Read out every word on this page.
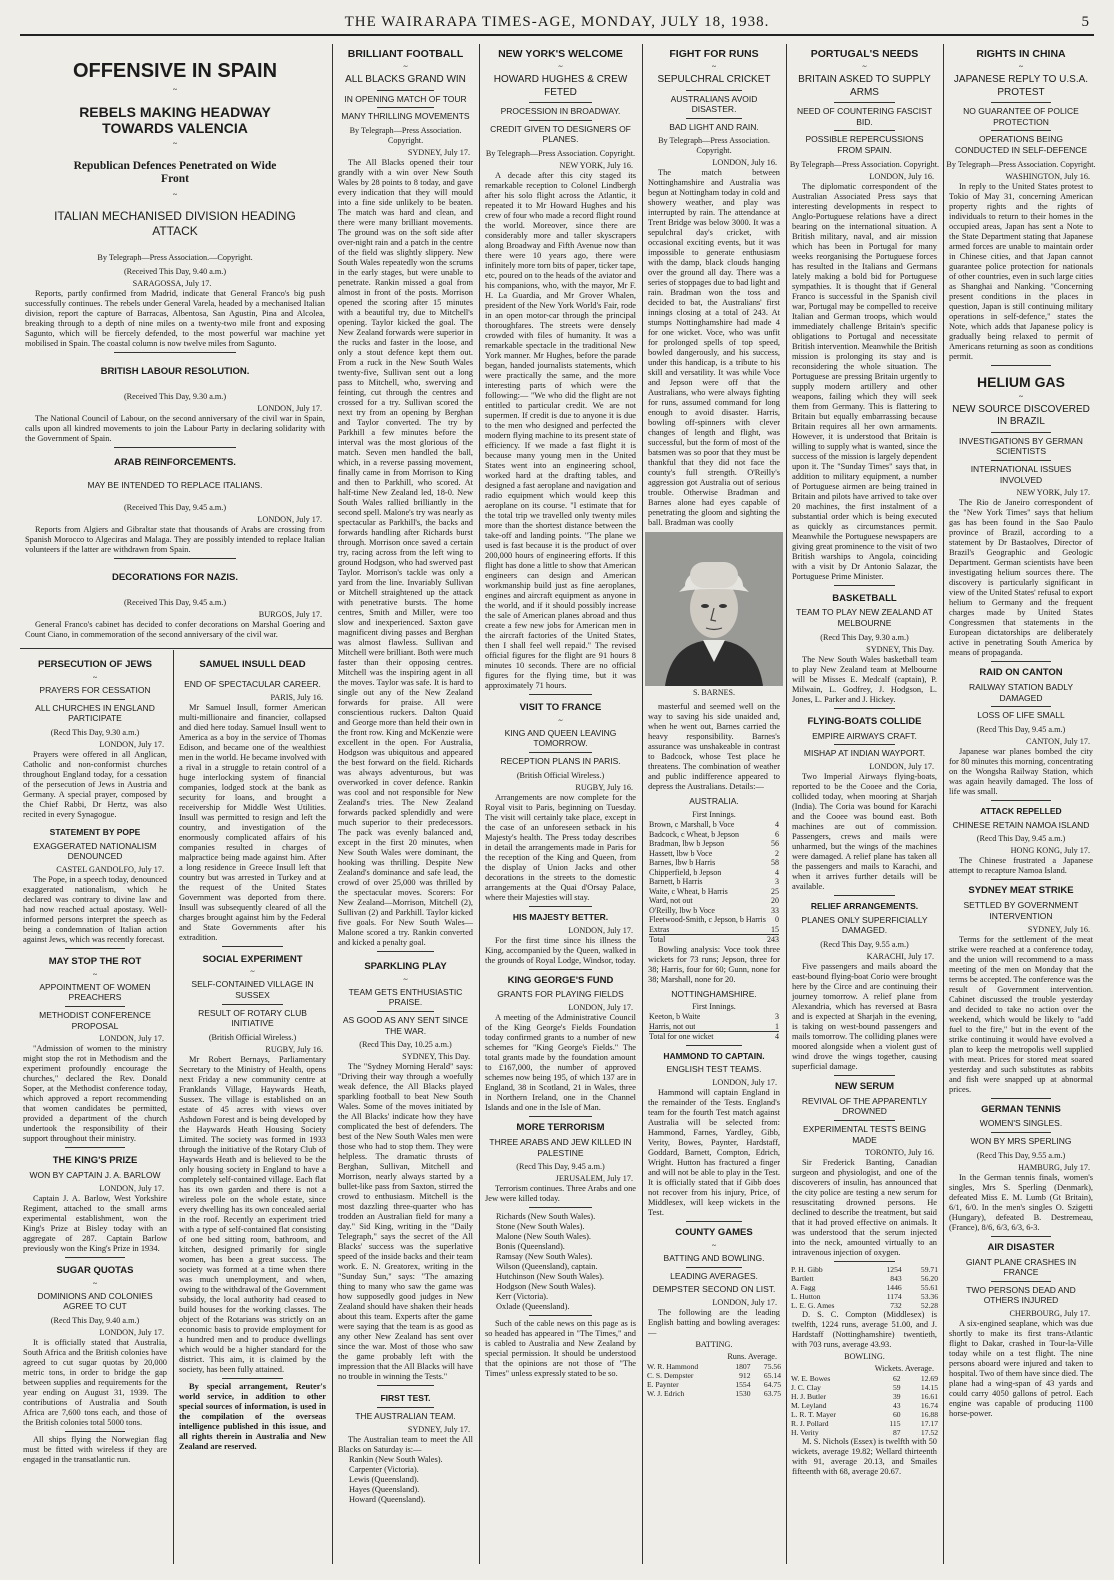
THE WAIRARAPA TIMES-AGE, MONDAY, JULY 18, 1938.	5
OFFENSIVE IN SPAIN
~
REBELS MAKING HEADWAY TOWARDS VALENCIA
~
Republican Defences Penetrated on Wide Front
~
ITALIAN MECHANISED DIVISION HEADING ATTACK
By Telegraph—Press Association.—Copyright.
(Received This Day, 9.40 a.m.)
SARAGOSSA, July 17.

Reports, partly confirmed from Madrid, indicate that General Franco's big push successfully continues. The rebels under General Varela, headed by a mechanised Italian division, report the capture of Barracas, Albentosa, San Agustin, Pina and Alcolea, breaking through to a depth of nine miles on a twenty-two mile front and exposing Sagunto, which will be fiercely defended, to the most powerful war machine yet mobilised in Spain. The coastal column is now twelve miles from Sagunto.

BRITISH LABOUR RESOLUTION.
(Received This Day, 9.30 a.m.)
LONDON, July 17.

The National Council of Labour, on the second anniversary of the civil war in Spain, calls upon all kindred movements to join the Labour Party in declaring solidarity with the Government of Spain.

ARAB REINFORCEMENTS.
MAY BE INTENDED TO REPLACE ITALIANS.
(Received This Day, 9.45 a.m.)
LONDON, July 17.

Reports from Algiers and Gibraltar state that thousands of Arabs are crossing from Spanish Morocco to Algeciras and Malaga. They are possibly intended to replace Italian volunteers if the latter are withdrawn from Spain.

DECORATIONS FOR NAZIS.
(Received This Day, 9.45 a.m.)
BURGOS, July 17.

General Franco's cabinet has decided to confer decorations on Marshal Goering and Count Ciano, in commemoration of the second anniversary of the civil war.

PERSECUTION OF JEWS
~
PRAYERS FOR CESSATION
ALL CHURCHES IN ENGLAND PARTICIPATE
(Recd This Day, 9.30 a.m.)
LONDON, July 17.

Prayers were offered in all Anglican, Catholic and non-conformist churches throughout England today, for a cessation of the persecution of Jews in Austria and Germany. A special prayer, composed by the Chief Rabbi, Dr Hertz, was also recited in every Synagogue.

STATEMENT BY POPE
EXAGGERATED NATIONALISM DENOUNCED
CASTEL GANDOLFO, July 17.

The Pope, in a speech today, denounced exaggerated nationalism, which he declared was contrary to divine law and had now reached actual apostasy. Well-informed persons interpret the speech as being a condemnation of Italian action against Jews, which was recently forecast.

MAY STOP THE ROT
~
APPOINTMENT OF WOMEN PREACHERS
METHODIST CONFERENCE PROPOSAL
LONDON, July 17.

"Admission of women to the ministry might stop the rot in Methodism and the experiment profoundly encourage the churches," declared the Rev. Donald Soper, at the Methodist conference today, which approved a report recommending that women candidates be permitted, provided a department of the church undertook the responsibility of their support throughout their ministry.

THE KING'S PRIZE
WON BY CAPTAIN J. A. BARLOW
LONDON, July 17.

Captain J. A. Barlow, West Yorkshire Regiment, attached to the small arms experimental establishment, won the King's Prize at Bisley today with an aggregate of 287. Captain Barlow previously won the King's Prize in 1934.

SUGAR QUOTAS
~
DOMINIONS AND COLONIES AGREE TO CUT
(Recd This Day, 9.40 a.m.)
LONDON, July 17.

It is officially stated that Australia, South Africa and the British colonies have agreed to cut sugar quotas by 20,000 metric tons, in order to bridge the gap between supplies and requirements for the year ending on August 31, 1939. The contributions of Australia and South Africa are 7,600 tons each, and those of the British colonies total 5000 tons.

All ships flying the Norwegian flag must be fitted with wireless if they are engaged in the transatlantic run.

SAMUEL INSULL DEAD
END OF SPECTACULAR CAREER.
PARIS, July 16.

Mr Samuel Insull, former American multi-millionaire and financier, collapsed and died here today. Samuel Insull went to America as a boy in the service of Thomas Edison, and became one of the wealthiest men in the world. He became involved with a rival in a struggle to retain control of a huge interlocking system of financial companies, lodged stock at the bank as security for loans, and brought a receivership for Middle West Utilities. Insull was permitted to resign and left the country, and investigation of the enormously complicated affairs of his companies resulted in charges of malpractice being made against him. After a long residence in Greece Insull left that country but was arrested in Turkey and at the request of the United States Government was deported from there. Insull was subsequently cleared of all the charges brought against him by the Federal and State Governments after his extradition.

SOCIAL EXPERIMENT
~
SELF-CONTAINED VILLAGE IN SUSSEX
RESULT OF ROTARY CLUB INITIATIVE
(British Official Wireless.)
RUGBY, July 16.

Mr Robert Bernays, Parliamentary Secretary to the Ministry of Health, opens next Friday a new community centre at Franklands Village, Haywards Heath, Sussex. The village is established on an estate of 45 acres with views over Ashdown Forest and is being developed by the Haywards Heath Housing Society Limited. The society was formed in 1933 through the initiative of the Rotary Club of Haywards Heath and is believed to be the only housing society in England to have a completely self-contained village. Each flat has its own garden and there is not a wireless pole on the whole estate, since every dwelling has its own concealed aerial in the roof. Recently an experiment tried with a type of self-contained flat consisting of one bed sitting room, bathroom, and kitchen, designed primarily for single women, has been a great success. The society was formed at a time when there was much unemployment, and when, owing to the withdrawal of the Government subsidy, the local authority had ceased to build houses for the working classes. The object of the Rotarians was strictly on an economic basis to provide employment for a hundred men and to produce dwellings which would be a higher standard for the district. This aim, it is claimed by the society, has been fully attained.

By special arrangement, Reuter's world service, in addition to other special sources of information, is used in the compilation of the overseas intelligence published in this issue, and all rights therein in Australia and New Zealand are reserved.

BRILLIANT FOOTBALL
~
ALL BLACKS GRAND WIN
IN OPENING MATCH OF TOUR
MANY THRILLING MOVEMENTS
By Telegraph—Press Association. Copyright.
SYDNEY, July 17.

The All Blacks opened their tour grandly with a win over New South Wales by 28 points to 8 today, and gave every indication that they will mould into a fine side unlikely to be beaten. The match was hard and clean, and there were many brilliant movements. The ground was on the soft side after over-night rain and a patch in the centre of the field was slightly slippery. New South Wales repeatedly won the scrums in the early stages, but were unable to penetrate. Rankin missed a goal from almost in front of the posts. Morrison opened the scoring after 15 minutes with a beautiful try, due to Mitchell's opening. Taylor kicked the goal. The New Zealand forwards were superior in the rucks and faster in the loose, and only a stout defence kept them out. From a ruck in the New South Wales twenty-five, Sullivan sent out a long pass to Mitchell, who, swerving and feinting, cut through the centres and crossed for a try. Sullivan scored the next try from an opening by Berghan and Taylor converted. The try by Parkhill a few minutes before the interval was the most glorious of the match. Seven men handled the ball, which, in a reverse passing movement, finally came in from Morrison to King and then to Parkhill, who scored. At half-time New Zealand led, 18-0. New South Wales rallied brilliantly in the second spell. Malone's try was nearly as spectacular as Parkhill's, the backs and forwards handling after Richards burst through. Morrison once saved a certain try, racing across from the left wing to ground Hodgson, who had swerved past Taylor. Morrison's tackle was only a yard from the line. Invariably Sullivan or Mitchell straightened up the attack with penetrative bursts. The home centres, Smith and Miller, were too slow and inexperienced. Saxton gave magnificent diving passes and Berghan was almost flawless. Sullivan and Mitchell were brilliant. Both were much faster than their opposing centres. Mitchell was the inspiring agent in all the moves. Taylor was safe. It is hard to single out any of the New Zealand forwards for praise. All were conscientious ruckers. Dalton Quaid and George more than held their own in the front row. King and McKenzie were excellent in the open. For Australia, Hodgson was ubiquitous and appeared the best forward on the field. Richards was always adventurous, but was overworked in cover defence. Rankin was cool and not responsible for New Zealand's tries. The New Zealand forwards packed splendidly and were much superior to their predecessors. The pack was evenly balanced and, except in the first 20 minutes, when New South Wales were dominant, the hooking was thrilling. Despite New Zealand's dominance and safe lead, the crowd of over 25,000 was thrilled by the spectacular moves. Scorers: For New Zealand—Morrison, Mitchell (2), Sullivan (2) and Parkhill. Taylor kicked five goals. For New South Wales—Malone scored a try. Rankin converted and kicked a penalty goal.

SPARKLING PLAY
~
TEAM GETS ENTHUSIASTIC PRAISE.
AS GOOD AS ANY SENT SINCE THE WAR.
(Recd This Day, 10.25 a.m.)
SYDNEY, This Day.

The "Sydney Morning Herald" says: "Driving their way through a woefully weak defence, the All Blacks played sparkling football to beat New South Wales. Some of the moves initiated by the All Blacks' indicate how they have complicated the best of defenders. The best of the New South Wales men were those who had to stop them. They were helpless. The dramatic thrusts of Berghan, Sullivan, Mitchell and Morrison, nearly always started by a bullet-like pass from Saxton, stirred the crowd to enthusiasm. Mitchell is the most dazzling three-quarter who has trodden an Australian field for many a day." Sid King, writing in the "Daily Telegraph," says the secret of the All Blacks' success was the superlative speed of the inside backs and their team work. E. N. Greatorex, writing in the "Sunday Sun," says: "The amazing thing to many who saw the game was how supposedly good judges in New Zealand should have shaken their heads about this team. Experts after the game were saying that the team is as good as any other New Zealand has sent over since the war. Most of those who saw the game probably left with the impression that the All Blacks will have no trouble in winning the Tests."

FIRST TEST.
THE AUSTRALIAN TEAM.
SYDNEY, July 17.

The Australian team to meet the All Blacks on Saturday is:—

Rankin (New South Wales).
Carpenter (Victoria).
Lewis (Queensland).
Hayes (Queensland).
Howard (Queensland).
NEW YORK'S WELCOME
~
HOWARD HUGHES & CREW FETED
PROCESSION IN BROADWAY.
CREDIT GIVEN TO DESIGNERS OF PLANES.
By Telegraph—Press Association. Copyright.
NEW YORK, July 16.

A decade after this city staged its remarkable reception to Colonel Lindbergh after his solo flight across the Atlantic, it repeated it to Mr Howard Hughes and his crew of four who made a record flight round the world. Moreover, since there are considerably more and taller skyscrapers along Broadway and Fifth Avenue now than there were 10 years ago, there were infinitely more torn bits of paper, ticker tape, etc, poured on to the heads of the aviator and his companions, who, with the mayor, Mr F. H. La Guardia, and Mr Grover Whalen, president of the New York World's Fair, rode in an open motor-car through the principal thoroughfares. The streets were densely crowded with files of humanity. It was a remarkable spectacle in the traditional New York manner. Mr Hughes, before the parade began, handed journalists statements, which were practically the same, and the more interesting parts of which were the following:— "We who did the flight are not entitled to particular credit. We are not supermen. If credit is due to anyone it is due to the men who designed and perfected the modern flying machine to its present state of efficiency. If we made a fast flight it is because many young men in the United States went into an engineering school, worked hard at the drafting tables, and designed a fast aeroplane and navigation and radio equipment which would keep this aeroplane on its course. "I estimate that for the total trip we travelled only twenty miles more than the shortest distance between the take-off and landing points. "The plane we used is fast because it is the product of over 200,000 hours of engineering efforts. If this flight has done a little to show that American engineers can design and American workmanship build just as fine aeroplanes, engines and aircraft equipment as anyone in the world, and if it should possibly increase the sale of American planes abroad and thus create a few new jobs for American men in the aircraft factories of the United States, then I shall feel well repaid." The revised official figures for the flight are 91 hours 8 minutes 10 seconds. There are no official figures for the flying time, but it was approximately 71 hours.

VISIT TO FRANCE
~
KING AND QUEEN LEAVING TOMORROW.
RECEPTION PLANS IN PARIS.
(British Official Wireless.)
RUGBY, July 16.

Arrangements are now complete for the Royal visit to Paris, beginning on Tuesday. The visit will certainly take place, except in the case of an unforeseen setback in his Majesty's health. The Press today describes in detail the arrangements made in Paris for the reception of the King and Queen, from the display of Union Jacks and other decorations in the streets to the domestic arrangements at the Quai d'Orsay Palace, where their Majesties will stay.

HIS MAJESTY BETTER.
LONDON, July 17.

For the first time since his illness the King, accompanied by the Queen, walked in the grounds of Royal Lodge, Windsor, today.

KING GEORGE'S FUND
GRANTS FOR PLAYING FIELDS
LONDON, July 17.

A meeting of the Administrative Council of the King George's Fields Foundation today confirmed grants to a number of new schemes for "King George's Fields." The total grants made by the foundation amount to £167,000, the number of approved schemes now being 195, of which 137 are in England, 38 in Scotland, 21 in Wales, three in Northern Ireland, one in the Channel Islands and one in the Isle of Man.

MORE TERRORISM
THREE ARABS AND JEW KILLED IN PALESTINE
(Recd This Day, 9.45 a.m.)
JERUSALEM, July 17.

Terrorism continues. Three Arabs and one Jew were killed today.

Richards (New South Wales).
Stone (New South Wales).
Malone (New South Wales).
Bonis (Queensland).
Ramsay (New South Wales).
Wilson (Queensland), captain.
Hutchinson (New South Wales).
Hodgson (New South Wales).
Kerr (Victoria).
Oxlade (Queensland).

Such of the cable news on this page as is so headed has appeared in "The Times," and is cabled to Australia and New Zealand by special permission. It should be understood that the opinions are not those of "The Times" unless expressly stated to be so.

FIGHT FOR RUNS
~
SEPULCHRAL CRICKET
AUSTRALIANS AVOID DISASTER.
BAD LIGHT AND RAIN.
By Telegraph—Press Association. Copyright.
LONDON, July 16.

The match between Nottinghamshire and Australia was begun at Nottingham today in cold and showery weather, and play was interrupted by rain. The attendance at Trent Bridge was below 3000. It was a sepulchral day's cricket, with occasional exciting events, but it was impossible to generate enthusiasm with the damp, black clouds hanging over the ground all day. There was a series of stoppages due to bad light and rain. Bradman won the toss and decided to bat, the Australians' first innings closing at a total of 243. At stumps Nottinghamshire had made 4 for one wicket. Voce, who was unfit for prolonged spells of top speed, bowled dangerously, and his success, under this handicap, is a tribute to his skill and versatility. It was while Voce and Jepson were off that the Australians, who were always fighting for runs, assumed command for long enough to avoid disaster. Harris, bowling off-spinners with clever changes of length and flight, was successful, but the form of most of the batsmen was so poor that they must be thankful that they did not face the county's full strength. O'Reilly's aggression got Australia out of serious trouble. Otherwise Bradman and Barnes alone had eyes capable of penetrating the gloom and sighting the ball. Bradman was coolly

S. BARNES.

masterful and seemed well on the way to saving his side unaided and, when he went out, Barnes carried the heavy responsibility. Barnes's assurance was unshakeable in contrast to Badcock, whose Test place he threatens. The combination of weather and public indifference appeared to depress the Australians. Details:—

AUSTRALIA.
First Innings.
Brown, c Marshall, b Voce	4
Badcock, c Wheat, b Jepson	6
Bradman, lbw b Jepson	56
Hassett, lbw b Voce	2
Barnes, lbw b Harris	58
Chipperfield, b Jepson	4
Barnett, b Harris	3
Waite, c Wheat, b Harris	25
Ward, not out	20
O'Reilly, lbw b Voce	33
Fleetwood-Smith, c Jepson, b Harris 0
Extras	15
Total	243

Bowling analysis: Voce took three wickets for 73 runs; Jepson, three for 38; Harris, four for 60; Gunn, none for 38; Marshall, none for 20.

NOTTINGHAMSHIRE.
First Innings.
Keeton, b Waite	3
Harris, not out	1
Total for one wicket	4
HAMMOND TO CAPTAIN.
ENGLISH TEST TEAMS.
LONDON, July 17.

Hammond will captain England in the remainder of the Tests. England's team for the fourth Test match against Australia will be selected from: Hammond, Farnes, Yardley, Gibb, Verity, Bowes, Paynter, Hardstaff, Goddard, Barnett, Compton, Edrich, Wright. Hutton has fractured a finger and will not be able to play in the Test. It is officially stated that if Gibb does not recover from his injury, Price, of Middlesex, will keep wickets in the Test.

COUNTY GAMES
~
BATTING AND BOWLING.
LEADING AVERAGES.
DEMPSTER SECOND ON LIST.
LONDON, July 17.

The following are the leading English batting and bowling averages:—

BATTING.
Runs. Average.
W. R. Hammond	1807	75.56
C. S. Dempster	912	65.14
E. Paynter	1554	64.75
W. J. Edrich	1530	63.75
PORTUGAL'S NEEDS
~
BRITAIN ASKED TO SUPPLY ARMS
NEED OF COUNTERING FASCIST BID.
POSSIBLE REPERCUSSIONS FROM SPAIN.
By Telegraph—Press Association. Copyright.
LONDON, July 16.

The diplomatic correspondent of the Australian Associated Press says that interesting developments in respect to Anglo-Portuguese relations have a direct bearing on the international situation. A British military, naval, and air mission which has been in Portugal for many weeks reorganising the Portuguese forces has resulted in the Italians and Germans lately making a bold bid for Portuguese sympathies. It is thought that if General Franco is successful in the Spanish civil war, Portugal may be compelled to receive Italian and German troops, which would immediately challenge Britain's specific obligations to Portugal and necessitate British intervention. Meanwhile the British mission is prolonging its stay and is reconsidering the whole situation. The Portuguese are pressing Britain urgently to supply modern artillery and other weapons, failing which they will seek them from Germany. This is flattering to Britain but equally embarrassing because Britain requires all her own armaments. However, it is understood that Britain is willing to supply what is wanted, since the success of the mission is largely dependent upon it. The "Sunday Times" says that, in addition to military equipment, a number of Portuguese airmen are being trained in Britain and pilots have arrived to take over 20 machines, the first instalment of a substantial order which is being executed as quickly as circumstances permit. Meanwhile the Portuguese newspapers are giving great prominence to the visit of two British warships to Angola, coinciding with a visit by Dr Antonio Salazar, the Portuguese Prime Minister.

BASKETBALL
TEAM TO PLAY NEW ZEALAND AT MELBOURNE
(Recd This Day, 9.30 a.m.)
SYDNEY, This Day.

The New South Wales basketball team to play New Zealand team at Melbourne will be Misses E. Medcalf (captain), P. Milwain, L. Godfrey, J. Hodgson, L. Jones, L. Parker and J. Hickey.

FLYING-BOATS COLLIDE
EMPIRE AIRWAYS CRAFT.
MISHAP AT INDIAN WAYPORT.
LONDON, July 17.

Two Imperial Airways flying-boats, reported to be the Cooee and the Coria, collided today, when mooring at Sharjah (India). The Coria was bound for Karachi and the Cooee was bound east. Both machines are out of commission. Passengers, crews and mails were unharmed, but the wings of the machines were damaged. A relief plane has taken all the passengers and mails to Karachi, and when it arrives further details will be available.

RELIEF ARRANGEMENTS.
PLANES ONLY SUPERFICIALLY DAMAGED.
(Recd This Day, 9.55 a.m.)
KARACHI, July 17.

Five passengers and mails aboard the east-bound flying-boat Corio were brought here by the Circe and are continuing their journey tomorrow. A relief plane from Alexandria, which has reversed at Basra and is expected at Sharjah in the evening, is taking on west-bound passengers and mails tomorrow. The colliding planes were moored alongside when a violent gust of wind drove the wings together, causing superficial damage.

NEW SERUM
REVIVAL OF THE APPARENTLY DROWNED
EXPERIMENTAL TESTS BEING MADE
TORONTO, July 16.

Sir Frederick Banting, Canadian surgeon and physiologist, and one of the discoverers of insulin, has announced that the city police are testing a new serum for resuscitating drowned persons. He declined to describe the treatment, but said that it had proved effective on animals. It was understood that the serum injected into the neck, amounted virtually to an intravenous injection of oxygen.

P. H. Gibb	1254	59.71
Bartlett	843	56.20
A. Fagg	1446	55.61
L. Hutton	1174	53.36
L. E. G. Ames	732	52.28

D. S. C. Compton (Middlesex) is twelfth, 1224 runs, average 51.00, and J. Hardstaff (Nottinghamshire) twentieth, with 703 runs, average 43.93.

BOWLING.
Wickets. Average.
W. E. Bowes	62	12.69
J. C. Clay	59	14.15
H. J. Butler	39	16.61
M. Leyland	43	16.74
L. R. T. Mayer	60	16.88
R. J. Pollard	115	17.17
H. Verity	87	17.52

M. S. Nichols (Essex) is twelfth with 50 wickets, average 19.82; Wellard thirteenth with 91, average 20.13, and Smailes fifteenth with 68, average 20.67.

RIGHTS IN CHINA
~
JAPANESE REPLY TO U.S.A. PROTEST
NO GUARANTEE OF POLICE PROTECTION
OPERATIONS BEING CONDUCTED IN SELF-DEFENCE
By Telegraph—Press Association. Copyright.
WASHINGTON, July 16.

In reply to the United States protest to Tokio of May 31, concerning American property rights and the rights of individuals to return to their homes in the occupied areas, Japan has sent a Note to the State Department stating that Japanese armed forces are unable to maintain order in Chinese cities, and that Japan cannot guarantee police protection for nationals of other countries, even in such large cities as Shanghai and Nanking. "Concerning present conditions in the places in question, Japan is still continuing military operations in self-defence," states the Note, which adds that Japanese policy is gradually being relaxed to permit of Americans returning as soon as conditions permit.

HELIUM GAS
~
NEW SOURCE DISCOVERED IN BRAZIL
INVESTIGATIONS BY GERMAN SCIENTISTS
INTERNATIONAL ISSUES INVOLVED
NEW YORK, July 17.

The Rio de Janeiro correspondent of the "New York Times" says that helium gas has been found in the Sao Paulo province of Brazil, according to a statement by Dr Bastaolves, Director of Brazil's Geographic and Geologic Department. German scientists have been investigating helium sources there. The discovery is particularly significant in view of the United States' refusal to export helium to Germany and the frequent charges made by United States Congressmen that statements in the European dictatorships are deliberately active in penetrating South America by means of propaganda.

RAID ON CANTON
RAILWAY STATION BADLY DAMAGED
LOSS OF LIFE SMALL
(Recd This Day, 9.45 a.m.)
CANTON, July 17.

Japanese war planes bombed the city for 80 minutes this morning, concentrating on the Wongsha Railway Station, which was again heavily damaged. The loss of life was small.

ATTACK REPELLED
CHINESE RETAIN NAMOA ISLAND
(Recd This Day, 9.45 a.m.)
HONG KONG, July 17.

The Chinese frustrated a Japanese attempt to recapture Namoa Island.

SYDNEY MEAT STRIKE
SETTLED BY GOVERNMENT INTERVENTION
SYDNEY, July 16.

Terms for the settlement of the meat strike were reached at a conference today, and the union will recommend to a mass meeting of the men on Monday that the terms be accepted. The conference was the result of Government intervention. Cabinet discussed the trouble yesterday and decided to take no action over the weekend, which would be likely to "add fuel to the fire," but in the event of the strike continuing it would have evolved a plan to keep the metropolis well supplied with meat. Prices for stored meat soared yesterday and such substitutes as rabbits and fish were snapped up at abnormal prices.

GERMAN TENNIS
WOMEN'S SINGLES.
WON BY MRS SPERLING
(Recd This Day, 9.55 a.m.)
HAMBURG, July 17.

In the German tennis finals, women's singles, Mrs S. Sperling (Denmark), defeated Miss E. M. Lumb (Gt Britain), 6/1, 6/0. In the men's singles O. Szigetti (Hungary), defeated B. Destremeau, (France), 8/6, 6/3, 6/3, 6-3.

AIR DISASTER
GIANT PLANE CRASHES IN FRANCE
TWO PERSONS DEAD AND OTHERS INJURED
CHERBOURG, July 17.

A six-engined seaplane, which was due shortly to make its first trans-Atlantic flight to Dakar, crashed in Tour-la-Ville today while on a test flight. The nine persons aboard were injured and taken to hospital. Two of them have since died. The plane had a wing-span of 43 yards and could carry 4050 gallons of petrol. Each engine was capable of producing 1100 horse-power.
